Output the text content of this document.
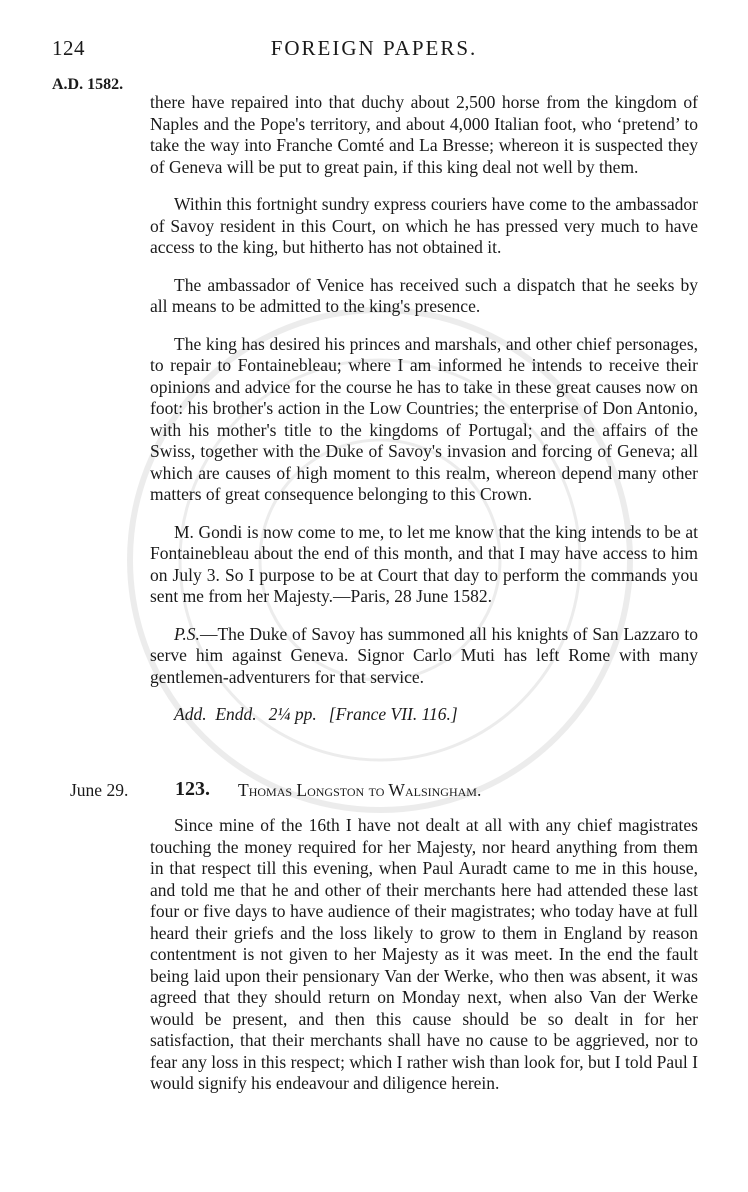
124	FOREIGN PAPERS.
A.D. 1582.

there have repaired into that duchy about 2,500 horse from the kingdom of Naples and the Pope's territory, and about 4,000 Italian foot, who ‘pretend’ to take the way into Franche Comté and La Bresse; whereon it is suspected they of Geneva will be put to great pain, if this king deal not well by them.

Within this fortnight sundry express couriers have come to the ambassador of Savoy resident in this Court, on which he has pressed very much to have access to the king, but hitherto has not obtained it.

The ambassador of Venice has received such a dispatch that he seeks by all means to be admitted to the king's presence.

The king has desired his princes and marshals, and other chief personages, to repair to Fontainebleau; where I am informed he intends to receive their opinions and advice for the course he has to take in these great causes now on foot: his brother's action in the Low Countries; the enterprise of Don Antonio, with his mother's title to the kingdoms of Portugal; and the affairs of the Swiss, together with the Duke of Savoy's invasion and forcing of Geneva; all which are causes of high moment to this realm, whereon depend many other matters of great consequence belonging to this Crown.

M. Gondi is now come to me, to let me know that the king intends to be at Fontainebleau about the end of this month, and that I may have access to him on July 3. So I purpose to be at Court that day to perform the commands you sent me from her Majesty.—Paris, 28 June 1582.

P.S.—The Duke of Savoy has summoned all his knights of San Lazzaro to serve him against Geneva. Signor Carlo Muti has left Rome with many gentlemen-adventurers for that service.

Add. Endd. 2¼ pp. [France VII. 116.]

June 29. 123. Thomas Longston to Walsingham.

Since mine of the 16th I have not dealt at all with any chief magistrates touching the money required for her Majesty, nor heard anything from them in that respect till this evening, when Paul Auradt came to me in this house, and told me that he and other of their merchants here had attended these last four or five days to have audience of their magistrates; who today have at full heard their griefs and the loss likely to grow to them in England by reason contentment is not given to her Majesty as it was meet. In the end the fault being laid upon their pensionary Van der Werke, who then was absent, it was agreed that they should return on Monday next, when also Van der Werke would be present, and then this cause should be so dealt in for her satisfaction, that their merchants shall have no cause to be aggrieved, nor to fear any loss in this respect; which I rather wish than look for, but I told Paul I would signify his endeavour and diligence herein.
